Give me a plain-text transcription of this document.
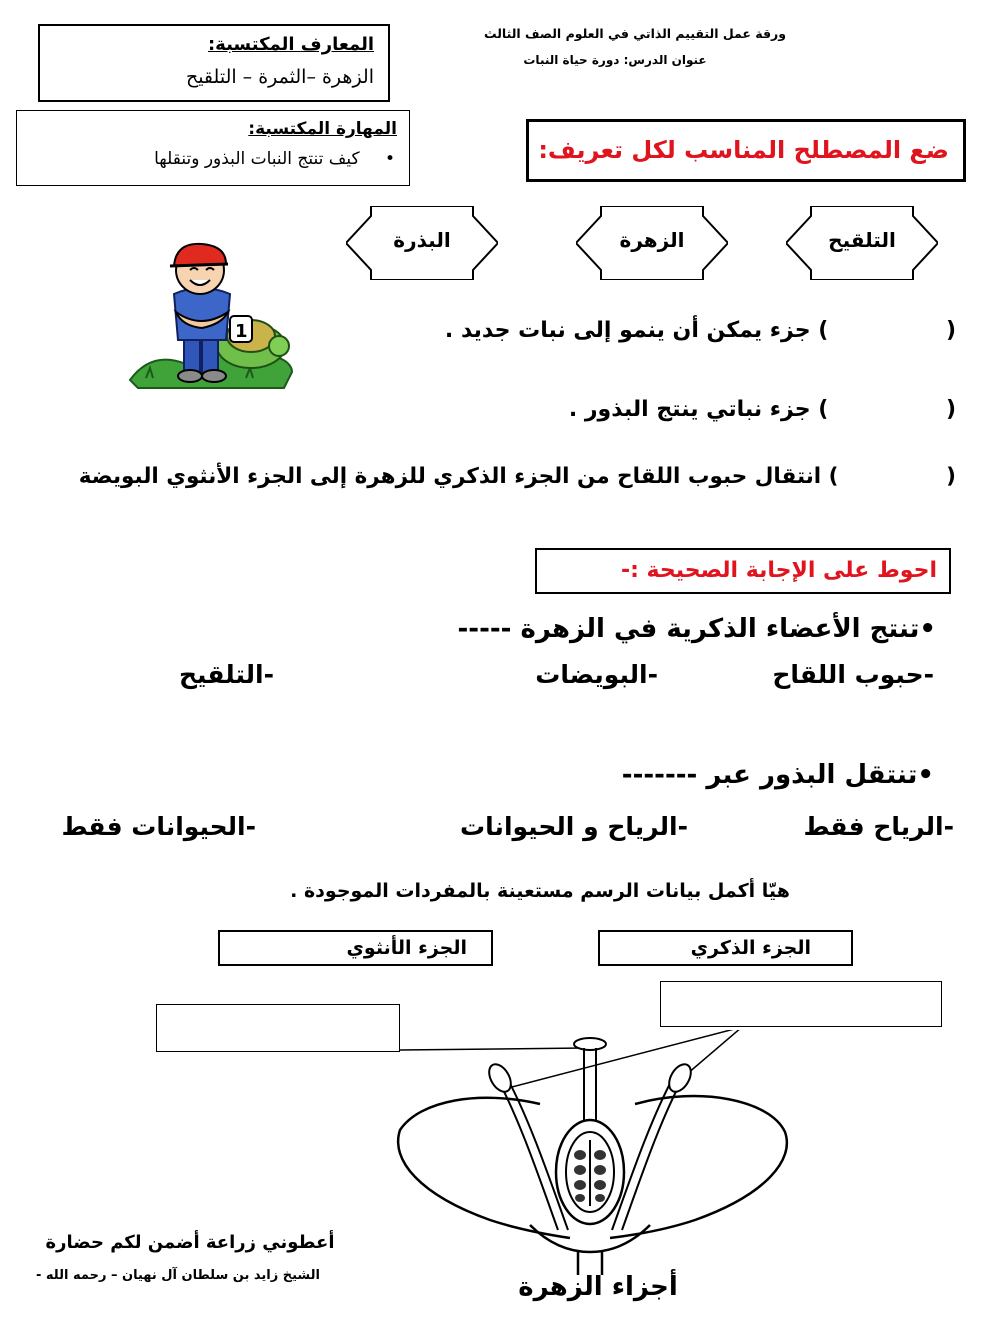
ورقة عمل التقييم الذاتي في العلوم الصف الثالث
عنوان الدرس: دورة حياة النبات
المعارف المكتسبة:
الزهرة –الثمرة – التلقيح
المهارة المكتسبة:
• كيف تنتج النبات البذور وتنقلها	ضع المصطلح المناسب لكل تعريف:
التلقيح
الزهرة
البذرة
1	( ) جزء يمكن أن ينمو إلى نبات جديد .
( ) جزء نباتي ينتج البذور .
( ) انتقال حبوب اللقاح من الجزء الذكري للزهرة إلى الجزء الأنثوي البويضة
احوط على الإجابة الصحيحة :-
•تنتج الأعضاء الذكرية في الزهرة -----
-حبوب اللقاح
-البويضات
-التلقيح
•تنتقل البذور عبر -------
-الرياح فقط
-الرياح و الحيوانات
-الحيوانات فقط
هيّا أكمل بيانات الرسم مستعينة بالمفردات الموجودة .
الجزء الذكري
الجزء الأنثوي
أجزاء الزهرة
أعطوني زراعة أضمن لكم حضارة
الشيخ زايد بن سلطان آل نهيان – رحمه الله -
